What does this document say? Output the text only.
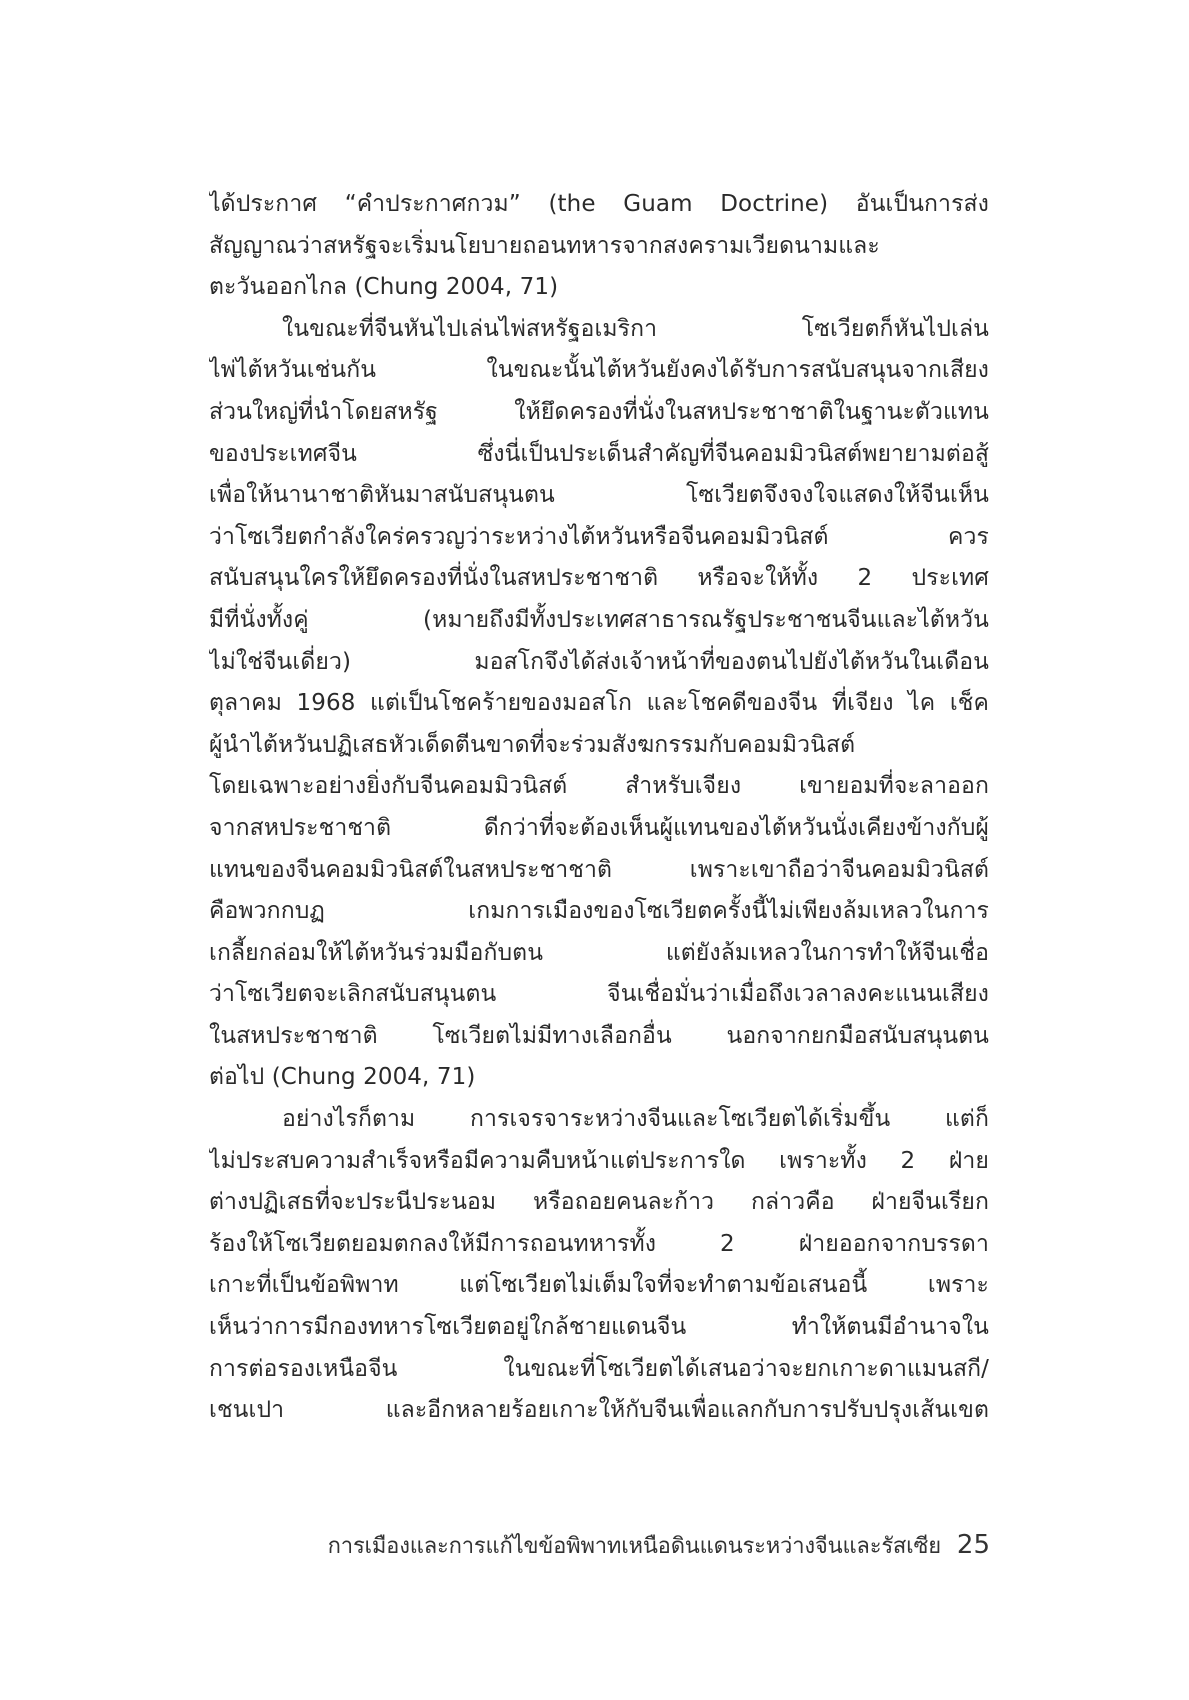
ได้ประกาศ “คำประกาศกวม” (the Guam Doctrine) อันเป็นการส่ง
สัญญาณว่าสหรัฐจะเริ่มนโยบายถอนทหารจากสงครามเวียดนามและ
ตะวันออกไกล (Chung 2004, 71)
ในขณะที่จีนหันไปเล่นไพ่สหรัฐอเมริกา โซเวียตก็หันไปเล่น
ไพ่ไต้หวันเช่นกัน ในขณะนั้นไต้หวันยังคงได้รับการสนับสนุนจากเสียง
ส่วนใหญ่ที่นำโดยสหรัฐ ให้ยึดครองที่นั่งในสหประชาชาติในฐานะตัวแทน
ของประเทศจีน ซึ่งนี่เป็นประเด็นสำคัญที่จีนคอมมิวนิสต์พยายามต่อสู้
เพื่อให้นานาชาติหันมาสนับสนุนตน โซเวียตจึงจงใจแสดงให้จีนเห็น
ว่าโซเวียตกำลังใคร่ครวญว่าระหว่างไต้หวันหรือจีนคอมมิวนิสต์ ควร
สนับสนุนใครให้ยึดครองที่นั่งในสหประชาชาติ หรือจะให้ทั้ง 2 ประเทศ
มีที่นั่งทั้งคู่ (หมายถึงมีทั้งประเทศสาธารณรัฐประชาชนจีนและไต้หวัน
ไม่ใช่จีนเดี่ยว) มอสโกจึงได้ส่งเจ้าหน้าที่ของตนไปยังไต้หวันในเดือน
ตุลาคม 1968 แต่เป็นโชคร้ายของมอสโก และโชคดีของจีน ที่เจียง ไค เช็ค
ผู้นำไต้หวันปฏิเสธหัวเด็ดตีนขาดที่จะร่วมสังฆกรรมกับคอมมิวนิสต์
โดยเฉพาะอย่างยิ่งกับจีนคอมมิวนิสต์ สำหรับเจียง เขายอมที่จะลาออก
จากสหประชาชาติ ดีกว่าที่จะต้องเห็นผู้แทนของไต้หวันนั่งเคียงข้างกับผู้
แทนของจีนคอมมิวนิสต์ในสหประชาชาติ เพราะเขาถือว่าจีนคอมมิวนิสต์
คือพวกกบฏ เกมการเมืองของโซเวียตครั้งนี้ไม่เพียงล้มเหลวในการ
เกลี้ยกล่อมให้ไต้หวันร่วมมือกับตน แต่ยังล้มเหลวในการทำให้จีนเชื่อ
ว่าโซเวียตจะเลิกสนับสนุนตน จีนเชื่อมั่นว่าเมื่อถึงเวลาลงคะแนนเสียง
ในสหประชาชาติ โซเวียตไม่มีทางเลือกอื่น นอกจากยกมือสนับสนุนตน
ต่อไป (Chung 2004, 71)
อย่างไรก็ตาม การเจรจาระหว่างจีนและโซเวียตได้เริ่มขึ้น แต่ก็
ไม่ประสบความสำเร็จหรือมีความคืบหน้าแต่ประการใด เพราะทั้ง 2 ฝ่าย
ต่างปฏิเสธที่จะประนีประนอม หรือถอยคนละก้าว กล่าวคือ ฝ่ายจีนเรียก
ร้องให้โซเวียตยอมตกลงให้มีการถอนทหารทั้ง 2 ฝ่ายออกจากบรรดา
เกาะที่เป็นข้อพิพาท แต่โซเวียตไม่เต็มใจที่จะทำตามข้อเสนอนี้ เพราะ
เห็นว่าการมีกองทหารโซเวียตอยู่ใกล้ชายแดนจีน ทำให้ตนมีอำนาจใน
การต่อรองเหนือจีน ในขณะที่โซเวียตได้เสนอว่าจะยกเกาะดาแมนสกี/
เชนเปา และอีกหลายร้อยเกาะให้กับจีนเพื่อแลกกับการปรับปรุงเส้นเขต
การเมืองและการแก้ไขข้อพิพาทเหนือดินแดนระหว่างจีนและรัสเซีย 25
